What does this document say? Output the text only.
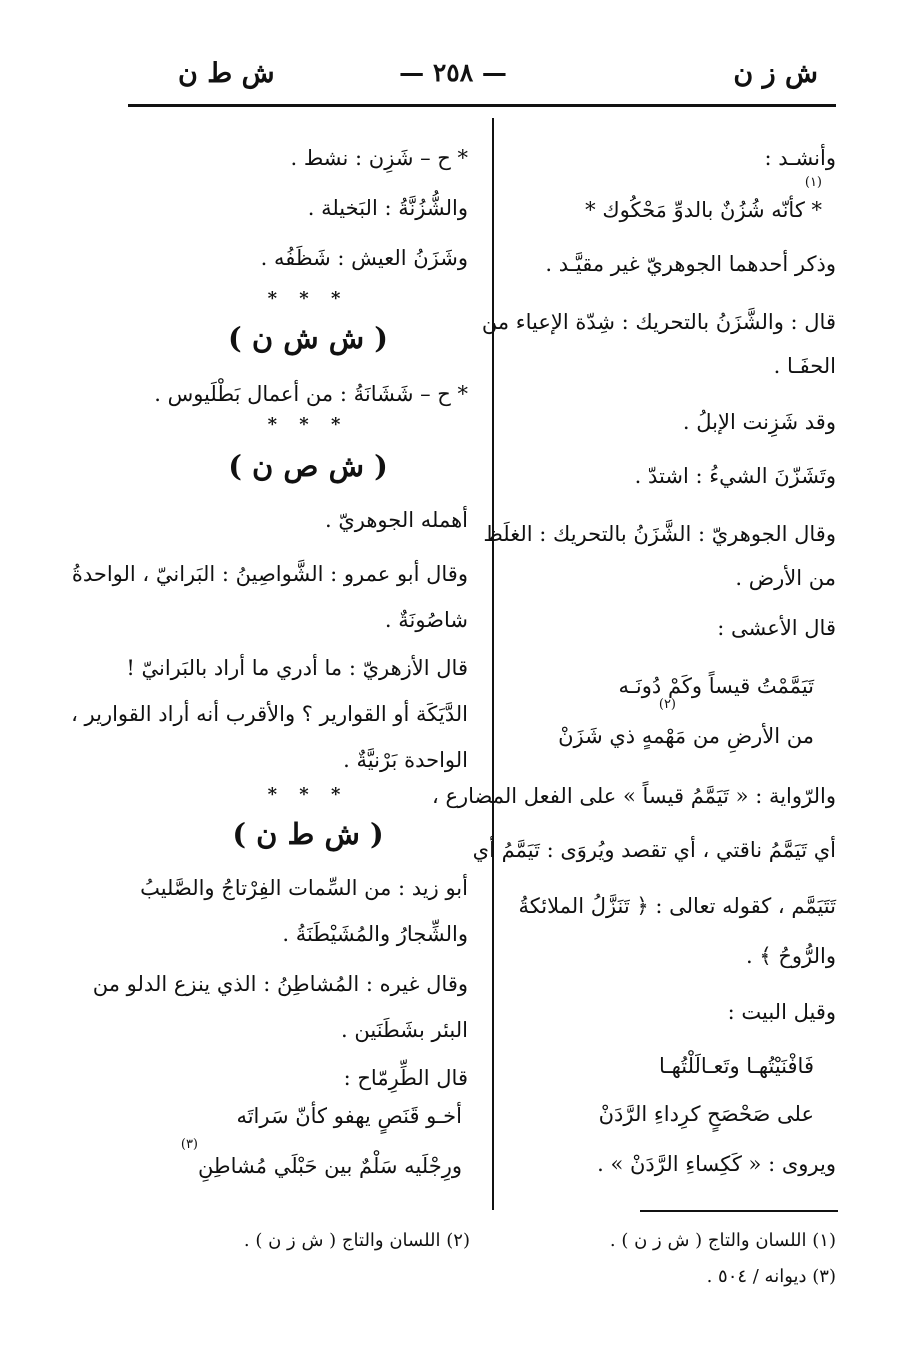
ش ز ن
— ٢٥٨ —
ش ط ن
وأنشـد :
(١)
* كأنّه شُزُنٌ بالدوِّ مَحْكُوك *
وذكر أحدهما الجوهريّ غير مقيَّـد .
قال : والشَّزَنُ بالتحريك : شِدّة الإعياء من
الحفَـا .
وقد شَزِنت الإبلُ .
وتَشَزّنَ الشيءُ : اشتدّ .
وقال الجوهريّ : الشَّزَنُ بالتحريك : الغلَظ
من الأرض .
قال الأعشى :
تَيَمَّمْتُ قيساً وكَمْ دُونَـه
(٢)
من الأرضِ من مَهْمهٍ ذي شَزَنْ
والرّواية : « تَيَمَّمُ قيساً » على الفعل المضارع ،
أي تَيَمَّمُ ناقتي ، أي تقصد ويُروَى : تَيَمَّمُ أي
تَتَيَمَّم ، كقوله تعالى : ﴿ تَنَزَّلُ الملائكةُ
والرُّوحُ ﴾ .
وقيل البيت :
فَافْنَيْتُهـا وتَعـالَلْتُهـا
على صَحْصَحٍ كرِداءِ الرَّدَنْ
ويروى : « كَكِساءِ الرَّدَنْ » .
* ح – شَزِن : نشط .
والشُّزُنَّةُ : البَخيلة .
وشَزَنُ العيش : شَظَفُه .
* * *
( ش ش ن )
* ح – شَشَانَةُ : من أعمال بَطْلَيوس .
* * *
( ش ص ن )
أهمله الجوهريّ .
وقال أبو عمرو : الشَّواصِينُ : البَرانيّ ، الواحدةُ
شاصُونَةٌ .
قال الأزهريّ : ما أدري ما أراد بالبَرانيّ !
الدَّيَكَة أو القوارير ؟ والأقرب أنه أراد القوارير ،
الواحدة بَرْنيَّةٌ .
* * *
( ش ط ن )
أبو زيد : من السِّمات الفِرْتاجُ والصَّليبُ
والشِّجارُ والمُشَيْطَنَةُ .
وقال غيره : المُشاطِنُ : الذي ينزع الدلو من
البئر بشَطَنَين .
قال الطِّرِمّاح :
أخـو قَنَصٍ يهفو كأنّ سَراتَه
(٣)
ورِجْلَيه سَلْمٌ بين حَبْلَي مُشاطِنِ
(١) اللسان والتاج ( ش ز ن ) .
(٣) ديوانه / ٥٠٤ .
(٢) اللسان والتاج ( ش ز ن ) .
